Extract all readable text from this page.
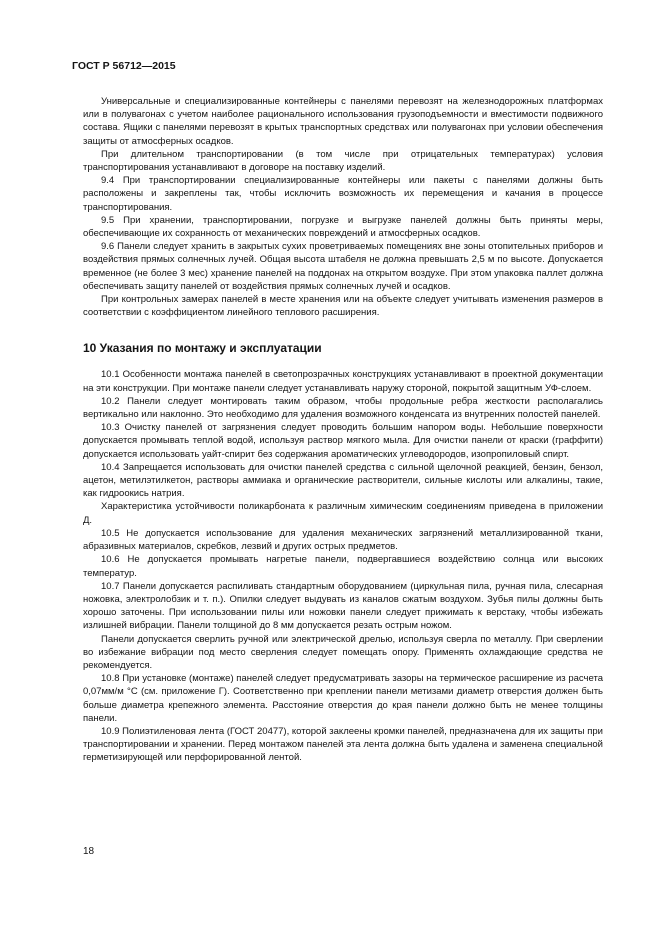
ГОСТ Р 56712—2015

Универсальные и специализированные контейнеры с панелями перевозят на железнодорожных платформах или в полувагонах с учетом наиболее рационального использования грузоподъемности и вместимости подвижного состава. Ящики с панелями перевозят в крытых транспортных средствах или полувагонах при условии обеспечения защиты от атмосферных осадков.

При длительном транспортировании (в том числе при отрицательных температурах) условия транспортирования устанавливают в договоре на поставку изделий.

9.4 При транспортировании специализированные контейнеры или пакеты с панелями должны быть расположены и закреплены так, чтобы исключить возможность их перемещения и качания в процессе транспортирования.

9.5 При хранении, транспортировании, погрузке и выгрузке панелей должны быть приняты меры, обеспечивающие их сохранность от механических повреждений и атмосферных осадков.

9.6 Панели следует хранить в закрытых сухих проветриваемых помещениях вне зоны отопительных приборов и воздействия прямых солнечных лучей. Общая высота штабеля не должна превышать 2,5 м по высоте. Допускается временное (не более 3 мес) хранение панелей на поддонах на открытом воздухе. При этом упаковка паллет должна обеспечивать защиту панелей от воздействия прямых солнечных лучей и осадков.

При контрольных замерах панелей в месте хранения или на объекте следует учитывать изменения размеров в соответствии с коэффициентом линейного теплового расширения.

10 Указания по монтажу и эксплуатации

10.1 Особенности монтажа панелей в светопрозрачных конструкциях устанавливают в проектной документации на эти конструкции. При монтаже панели следует устанавливать наружу стороной, покрытой защитным УФ-слоем.

10.2 Панели следует монтировать таким образом, чтобы продольные ребра жесткости располагались вертикально или наклонно. Это необходимо для удаления возможного конденсата из внутренних полостей панелей.

10.3 Очистку панелей от загрязнения следует проводить большим напором воды. Небольшие поверхности допускается промывать теплой водой, используя раствор мягкого мыла. Для очистки панели от краски (граффити) допускается использовать уайт-спирит без содержания ароматических углеводородов, изопропиловый спирт.

10.4 Запрещается использовать для очистки панелей средства с сильной щелочной реакцией, бензин, бензол, ацетон, метилэтилкетон, растворы аммиака и органические растворители, сильные кислоты или алкалины, такие, как гидроокись натрия.

Характеристика устойчивости поликарбоната к различным химическим соединениям приведена в приложении Д.

10.5 Не допускается использование для удаления механических загрязнений металлизированной ткани, абразивных материалов, скребков, лезвий и других острых предметов.

10.6 Не допускается промывать нагретые панели, подвергавшиеся воздействию солнца или высоких температур.

10.7 Панели допускается распиливать стандартным оборудованием (циркульная пила, ручная пила, слесарная ножовка, электролобзик и т. п.). Опилки следует выдувать из каналов сжатым воздухом. Зубья пилы должны быть хорошо заточены. При использовании пилы или ножовки панели следует прижимать к верстаку, чтобы избежать излишней вибрации. Панели толщиной до 8 мм допускается резать острым ножом.

Панели допускается сверлить ручной или электрической дрелью, используя сверла по металлу. При сверлении во избежание вибрации под место сверления следует помещать опору. Применять охлаждающие средства не рекомендуется.

10.8 При установке (монтаже) панелей следует предусматривать зазоры на термическое расширение из расчета 0,07мм/м °С (см. приложение Г). Соответственно при креплении панели метизами диаметр отверстия должен быть больше диаметра крепежного элемента. Расстояние отверстия до края панели должно быть не менее толщины панели.

10.9 Полиэтиленовая лента (ГОСТ 20477), которой заклеены кромки панелей, предназначена для их защиты при транспортировании и хранении. Перед монтажом панелей эта лента должна быть удалена и заменена специальной герметизирующей или перфорированной лентой.

18
